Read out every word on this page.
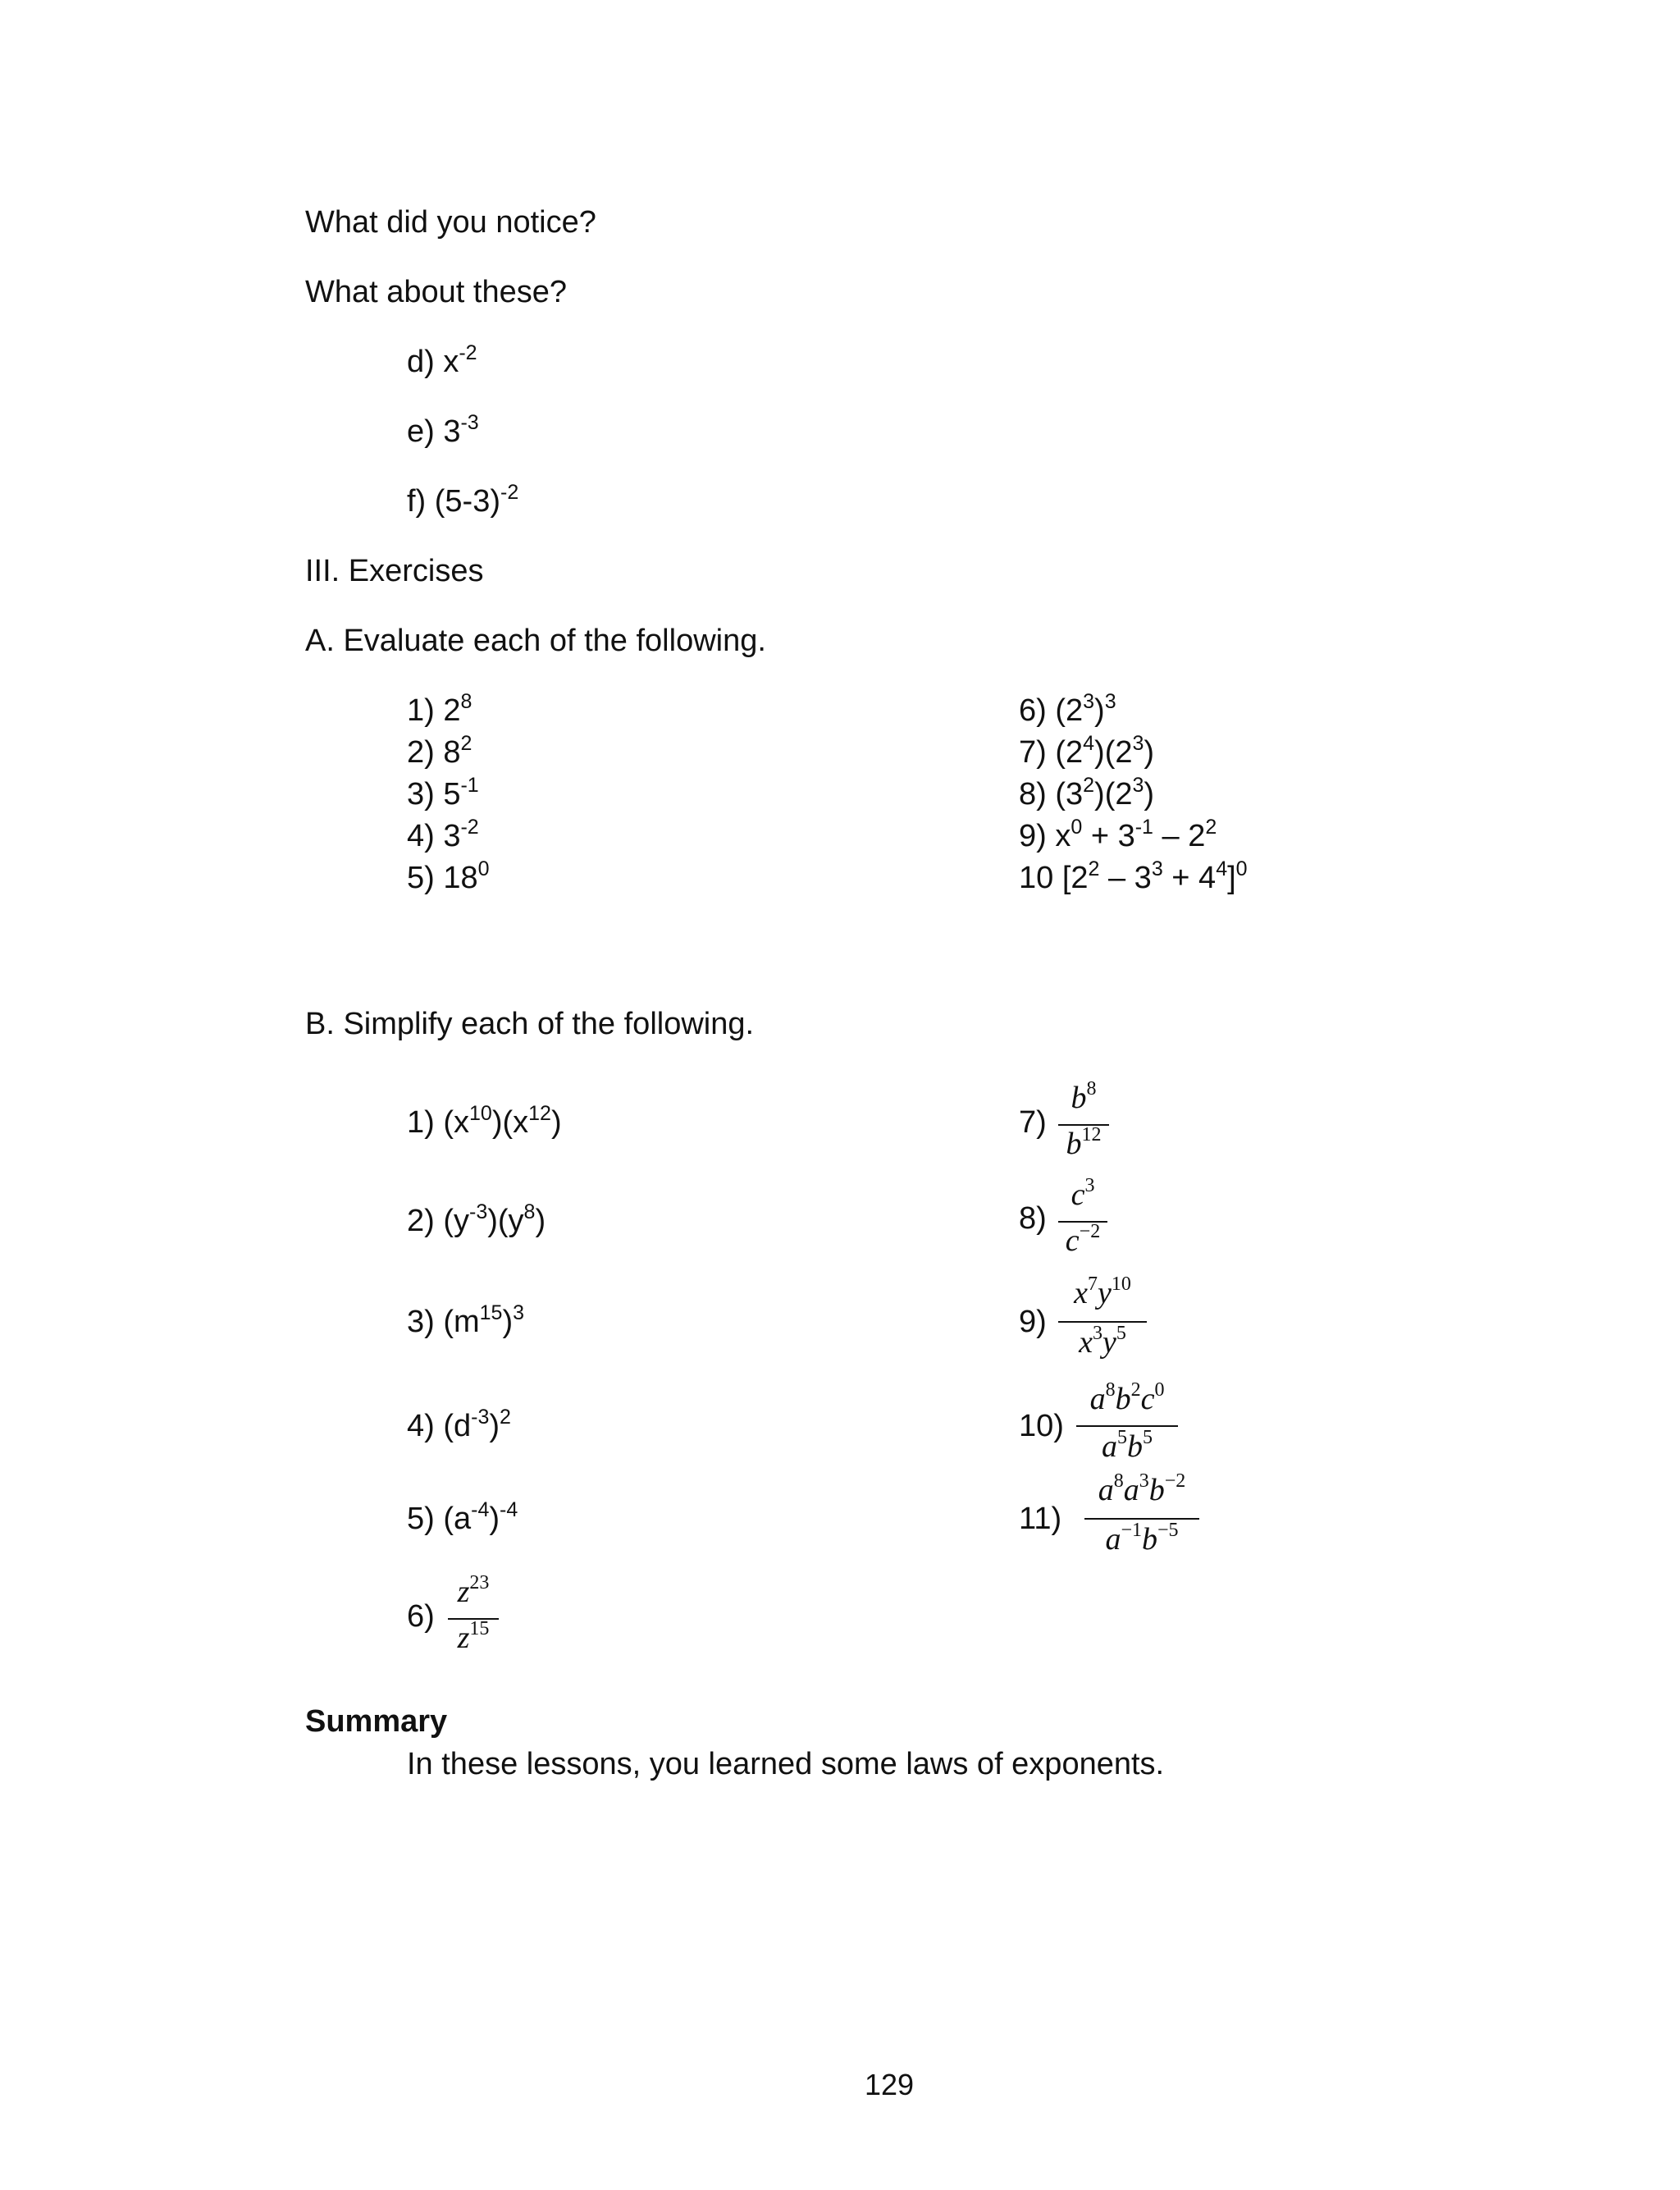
What did you notice?
What about these?
d) $x^{-2}$
e) $3^{-3}$
f) $(5-3)^{-2}$
III. Exercises
A. Evaluate each of the following.
1) $2^8$
2) $8^2$
3) $5^{-1}$
4) $3^{-2}$
5) $18^0$
6) $(2^3)^3$
7) $(2^4)(2^3)$
8) $(3^2)(2^3)$
9) $x^0 + 3^{-1} - 2^2$
10 $[2^2 - 3^3 + 4^4]^0$
B. Simplify each of the following.
1) $(x^{10})(x^{12})$
2) $(y^{-3})(y^8)$
3) $(m^{15})^3$
4) $(d^{-3})^2$
5) $(a^{-4})^{-4}$
6)
$z^{23}$
$z^{15}$
7)
$b^8$
$b^{12}$
8)
$c^3$
$c^{-2}$
9)
$x^7y^{10}$
$x^3y^5$
10)
$a^8b^2c^0$
$a^5b^5$
11)
$a^8a^3b^{-2}$
$a^{-1}b^{-5}$
Summary
In these lessons, you learned some laws of exponents.
129
